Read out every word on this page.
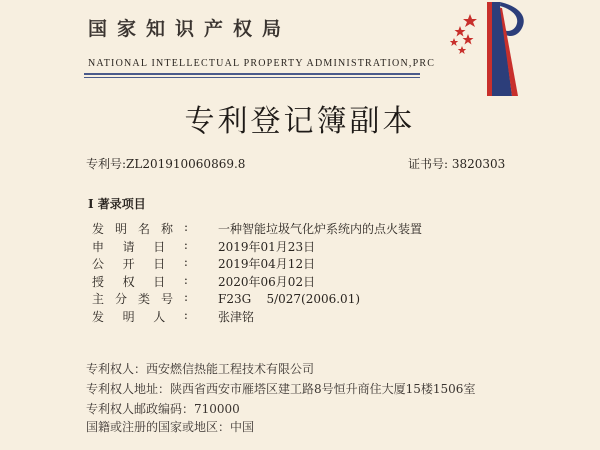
国家知识产权局
NATIONAL INTELLECTUAL PROPERTY ADMINISTRATION,PRC
专利登记簿副本
专利号:ZL201910060869.8	证书号: 3820303
I 著录项目
发 明 名 称 :	一种智能垃圾气化炉系统内的点火装置
申 请 日 :	2019年01月23日
公 开 日 :	2019年04月12日
授 权 日 :	2020年06月02日
主 分 类 号 :	F23G    5/027(2006.01)
发 明 人 :	张津铭
专利权人：西安燃信热能工程技术有限公司
专利权人地址：陕西省西安市雁塔区建工路8号恒升商住大厦15楼1506室
专利权人邮政编码：710000
国籍或注册的国家或地区：中国
